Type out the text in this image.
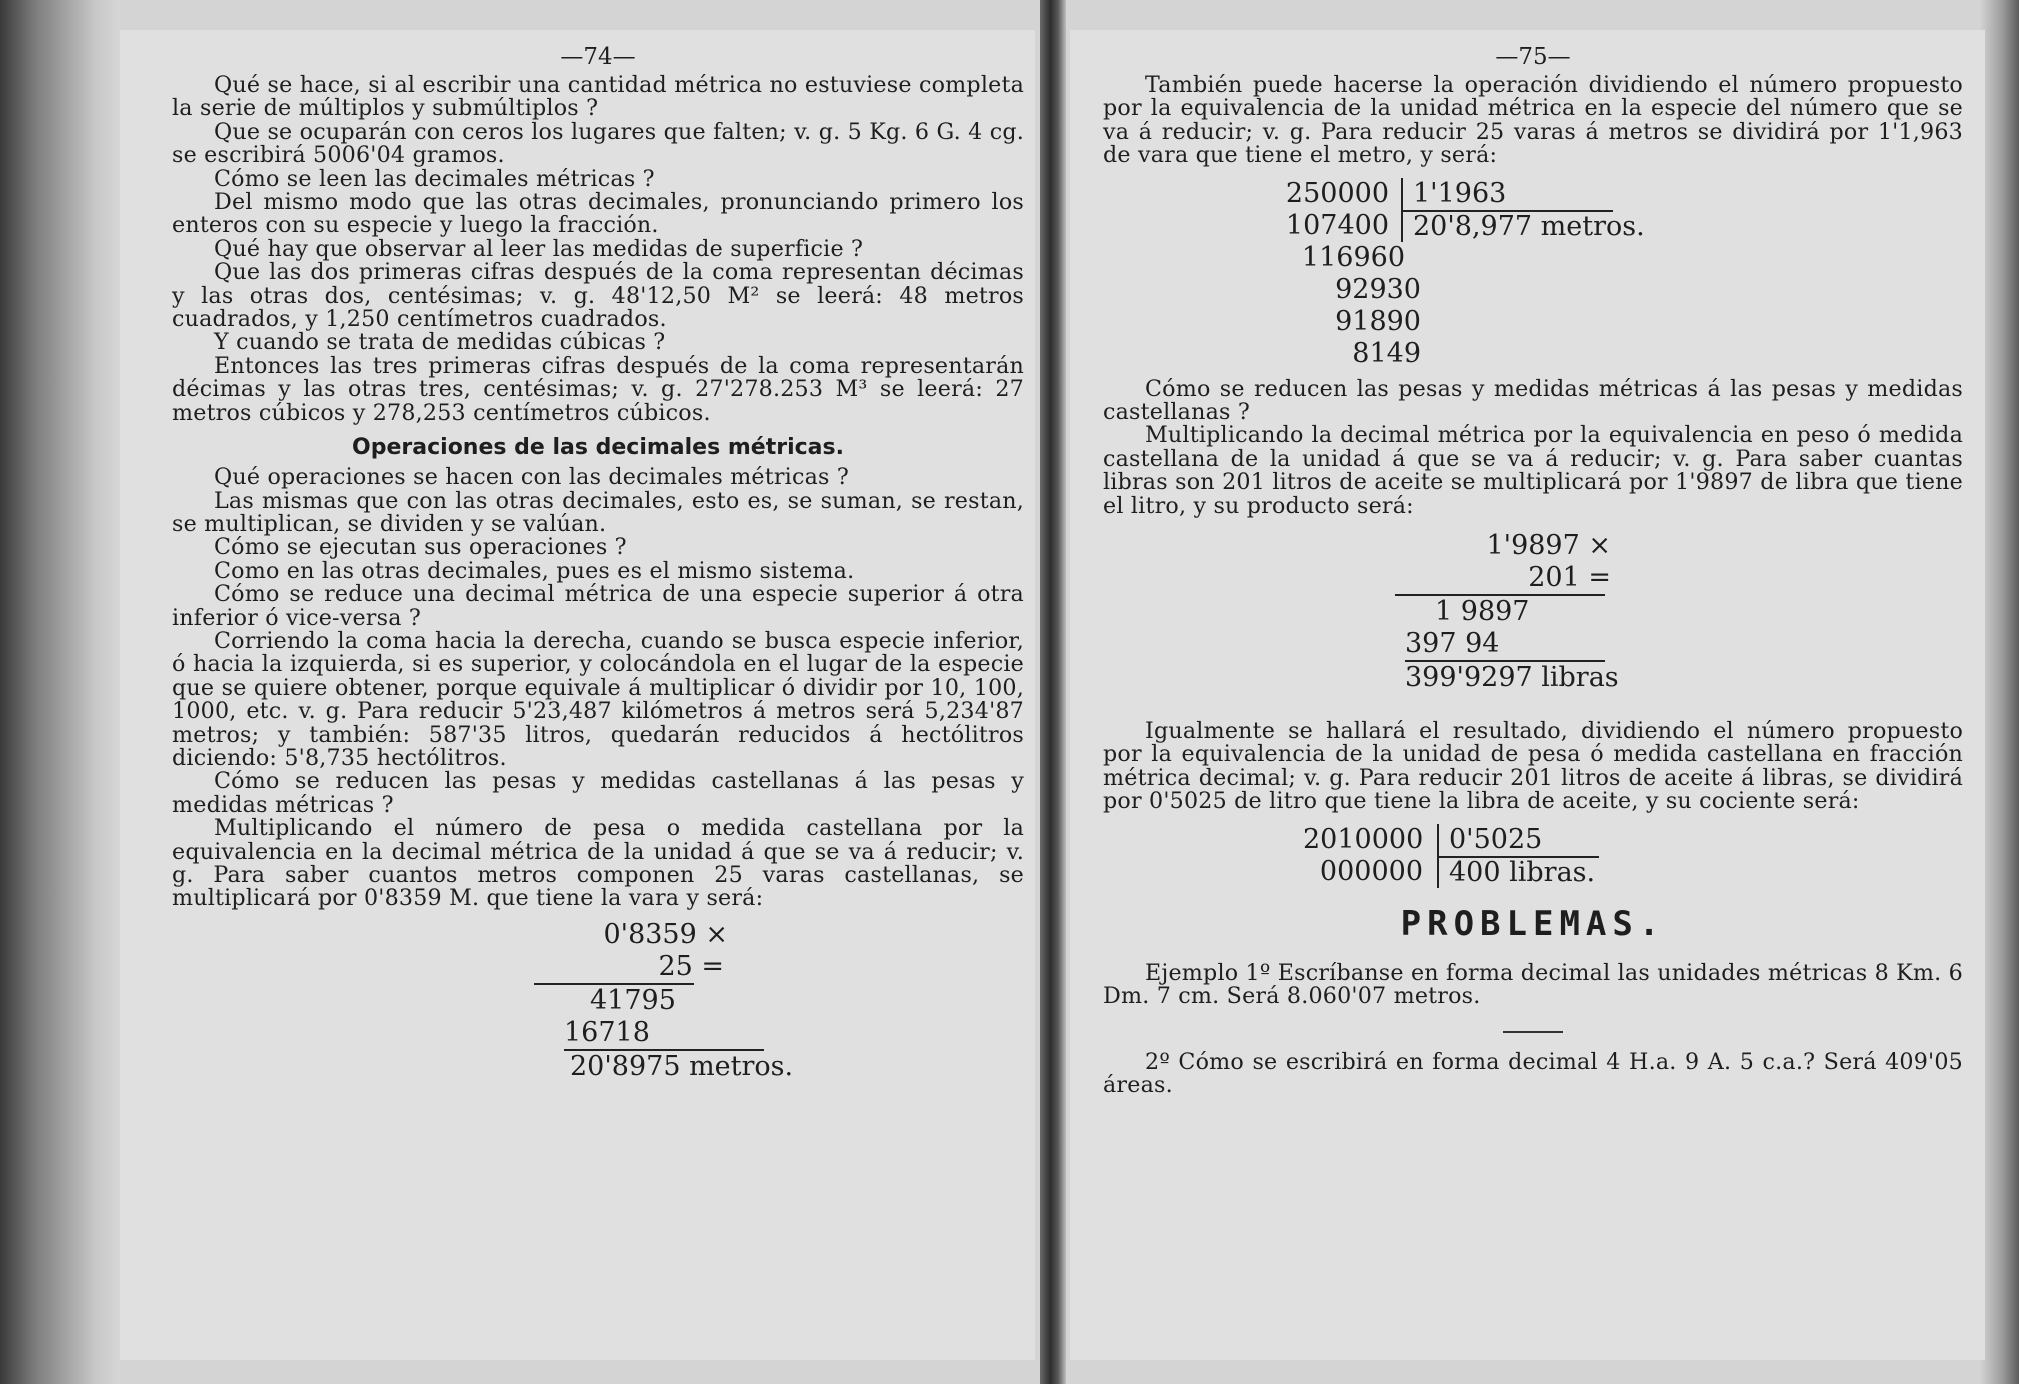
—74—

Qué se hace, si al escribir una cantidad métrica no estuviese completa la serie de múltiplos y submúltiplos ?

Que se ocuparán con ceros los lugares que falten; v. g. 5 Kg. 6 G. 4 cg. se escribirá 5006'04 gramos.

Cómo se leen las decimales métricas ?

Del mismo modo que las otras decimales, pronunciando primero los enteros con su especie y luego la fracción.

Qué hay que observar al leer las medidas de superficie ?

Que las dos primeras cifras después de la coma representan décimas y las otras dos, centésimas; v. g. 48'12,50 M² se leerá: 48 metros cuadrados, y 1,250 centímetros cuadrados.

Y cuando se trata de medidas cúbicas ?

Entonces las tres primeras cifras después de la coma representarán décimas y las otras tres, centésimas; v. g. 27'278.253 M³ se leerá: 27 metros cúbicos y 278,253 centímetros cúbicos.

Operaciones de las decimales métricas.

Qué operaciones se hacen con las decimales métricas ?

Las mismas que con las otras decimales, esto es, se suman, se restan, se multiplican, se dividen y se valúan.

Cómo se ejecutan sus operaciones ?

Como en las otras decimales, pues es el mismo sistema.

Cómo se reduce una decimal métrica de una especie superior á otra inferior ó vice-versa ?

Corriendo la coma hacia la derecha, cuando se busca especie inferior, ó hacia la izquierda, si es superior, y colocándola en el lugar de la especie que se quiere obtener, porque equivale á multiplicar ó dividir por 10, 100, 1000, etc. v. g. Para reducir 5'23,487 kilómetros á metros será 5,234'87 metros; y también: 587'35 litros, quedarán reducidos á hectólitros diciendo: 5'8,735 hectólitros.

Cómo se reducen las pesas y medidas castellanas á las pesas y medidas métricas ?

Multiplicando el número de pesa o medida castellana por la equivalencia en la decimal métrica de la unidad á que se va á reducir; v. g. Para saber cuantos metros componen 25 varas castellanas, se multiplicará por 0'8359 M. que tiene la vara y será:

0'8359 ×
25 =
41795
16718
20'8975 metros.
—75—

También puede hacerse la operación dividiendo el número propuesto por la equivalencia de la unidad métrica en la especie del número que se va á reducir; v. g. Para reducir 25 varas á metros se dividirá por 1'1,963 de vara que tiene el metro, y será:

250000
107400
116960
92930
91890
8149
1'1963
20'8,977 metros.

Cómo se reducen las pesas y medidas métricas á las pesas y medidas castellanas ?

Multiplicando la decimal métrica por la equivalencia en peso ó medida castellana de la unidad á que se va á reducir; v. g. Para saber cuantas libras son 201 litros de aceite se multiplicará por 1'9897 de libra que tiene el litro, y su producto será:

1'9897 ×
201 =
1 9897
397 94
399'9297 libras

Igualmente se hallará el resultado, dividiendo el número propuesto por la equivalencia de la unidad de pesa ó medida castellana en fracción métrica decimal; v. g. Para reducir 201 litros de aceite á libras, se dividirá por 0'5025 de litro que tiene la libra de aceite, y su cociente será:

2010000
000000
0'5025
400 libras.
PROBLEMAS.

Ejemplo 1º Escríbanse en forma decimal las unidades métricas 8 Km. 6 Dm. 7 cm. Será 8.060'07 metros.

2º Cómo se escribirá en forma decimal 4 H.a. 9 A. 5 c.a.? Será 409'05 áreas.
